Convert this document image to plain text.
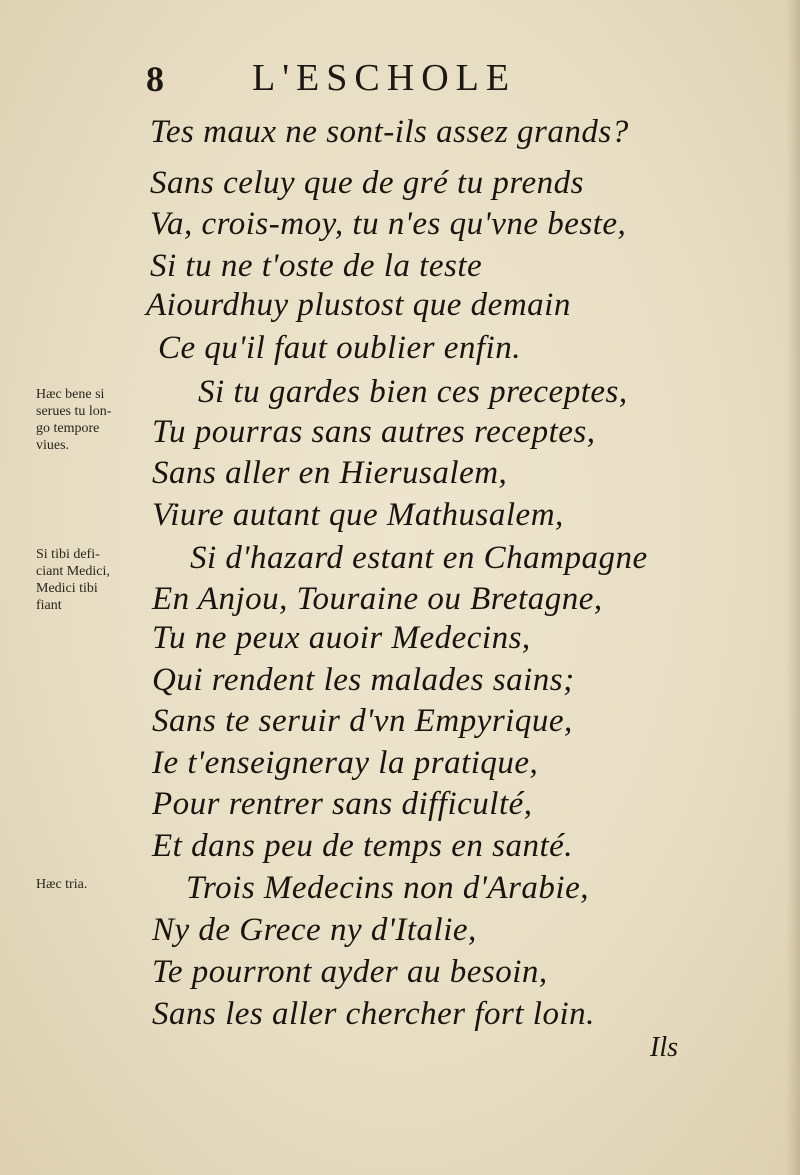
8 L'ESCHOLE
Tes maux ne sont-ils assez grands?
Sans celuy que de gré tu prends
Va, crois-moy, tu n'es qu'vne beste,
Si tu ne t'oste de la teste
Aiourdhuy plustost que demain
Ce qu'il faut oublier enfin.
Si tu gardes bien ces preceptes,
Tu pourras sans autres receptes,
Sans aller en Hierusalem,
Viure autant que Mathusalem,
Si d'hazard estant en Champagne
En Anjou, Touraine ou Bretagne,
Tu ne peux auoir Medecins,
Qui rendent les malades sains;
Sans te seruir d'vn Empyrique,
Ie t'enseigneray la pratique,
Pour rentrer sans difficulté,
Et dans peu de temps en santé.
Trois Medecins non d'Arabie,
Ny de Grece ny d'Italie,
Te pourront ayder au besoin,
Sans les aller chercher fort loin.
Hæc bene si
serues tu lon-
go tempore
viues.
Si tibi defi-
ciant Medici,
Medici tibi
fiant
Hæc tria.
Ils
